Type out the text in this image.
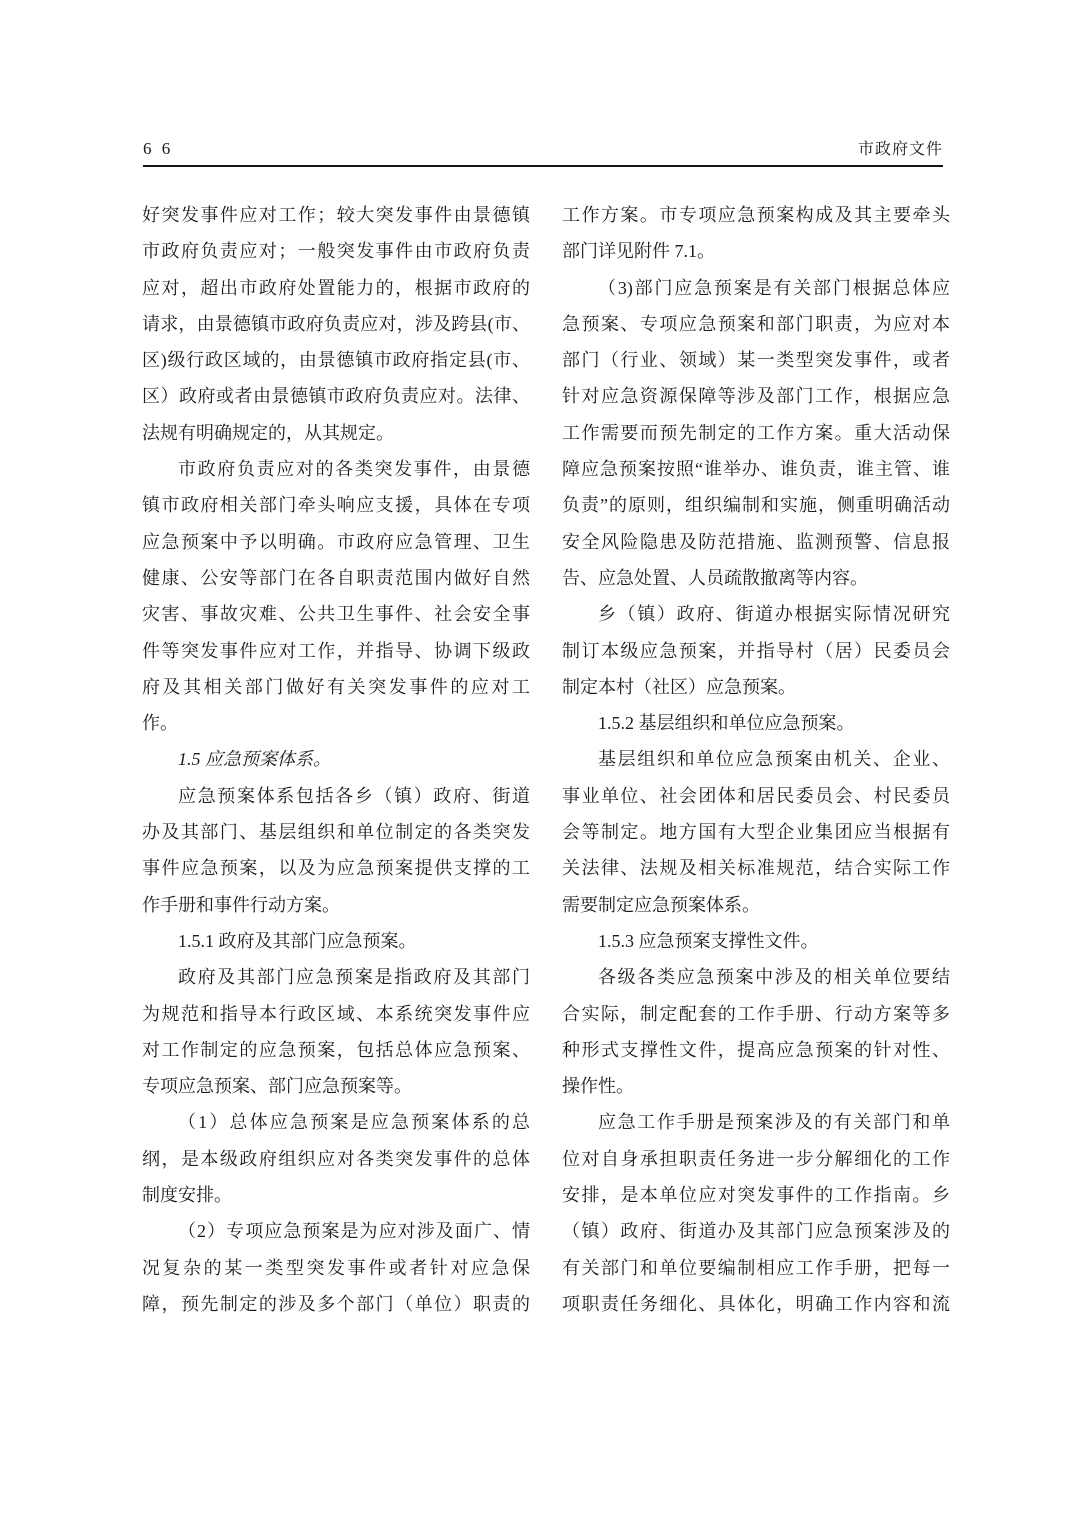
6 6	市政府文件
好突发事件应对工作；较大突发事件由景德镇
市政府负责应对；一般突发事件由市政府负责
应对，超出市政府处置能力的，根据市政府的
请求，由景德镇市政府负责应对，涉及跨县(市、
区)级行政区域的，由景德镇市政府指定县(市、
区）政府或者由景德镇市政府负责应对。法律、
法规有明确规定的，从其规定。
市政府负责应对的各类突发事件，由景德
镇市政府相关部门牵头响应支援，具体在专项
应急预案中予以明确。市政府应急管理、卫生
健康、公安等部门在各自职责范围内做好自然
灾害、事故灾难、公共卫生事件、社会安全事
件等突发事件应对工作，并指导、协调下级政
府及其相关部门做好有关突发事件的应对工
作。
1.5 应急预案体系。
应急预案体系包括各乡（镇）政府、街道
办及其部门、基层组织和单位制定的各类突发
事件应急预案，以及为应急预案提供支撑的工
作手册和事件行动方案。
1.5.1 政府及其部门应急预案。
政府及其部门应急预案是指政府及其部门
为规范和指导本行政区域、本系统突发事件应
对工作制定的应急预案，包括总体应急预案、
专项应急预案、部门应急预案等。
（1）总体应急预案是应急预案体系的总
纲，是本级政府组织应对各类突发事件的总体
制度安排。
（2）专项应急预案是为应对涉及面广、情
况复杂的某一类型突发事件或者针对应急保
障，预先制定的涉及多个部门（单位）职责的
工作方案。市专项应急预案构成及其主要牵头
部门详见附件 7.1。
（3)部门应急预案是有关部门根据总体应
急预案、专项应急预案和部门职责，为应对本
部门（行业、领域）某一类型突发事件，或者
针对应急资源保障等涉及部门工作，根据应急
工作需要而预先制定的工作方案。重大活动保
障应急预案按照“谁举办、谁负责，谁主管、谁
负责”的原则，组织编制和实施，侧重明确活动
安全风险隐患及防范措施、监测预警、信息报
告、应急处置、人员疏散撤离等内容。
乡（镇）政府、街道办根据实际情况研究
制订本级应急预案，并指导村（居）民委员会
制定本村（社区）应急预案。
1.5.2 基层组织和单位应急预案。
基层组织和单位应急预案由机关、企业、
事业单位、社会团体和居民委员会、村民委员
会等制定。地方国有大型企业集团应当根据有
关法律、法规及相关标准规范，结合实际工作
需要制定应急预案体系。
1.5.3 应急预案支撑性文件。
各级各类应急预案中涉及的相关单位要结
合实际，制定配套的工作手册、行动方案等多
种形式支撑性文件，提高应急预案的针对性、
操作性。
应急工作手册是预案涉及的有关部门和单
位对自身承担职责任务进一步分解细化的工作
安排，是本单位应对突发事件的工作指南。乡
（镇）政府、街道办及其部门应急预案涉及的
有关部门和单位要编制相应工作手册，把每一
项职责任务细化、具体化，明确工作内容和流
